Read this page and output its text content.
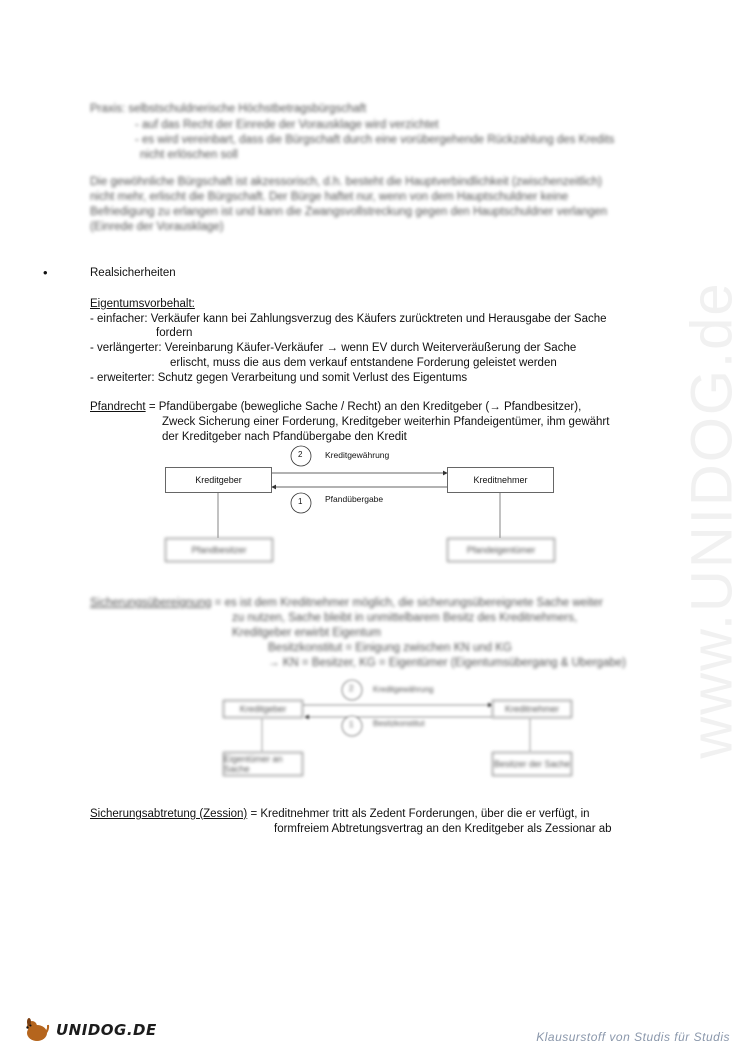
www.UNIDOG.de
Praxis: selbstschuldnerische Höchstbetragsbürgschaft
- auf das Recht der Einrede der Vorausklage wird verzichtet
- es wird vereinbart, dass die Bürgschaft durch eine vorübergehende Rückzahlung des Kredits
nicht erlöschen soll
Die gewöhnliche Bürgschaft ist akzessorisch, d.h. besteht die Hauptverbindlichkeit (zwischenzeitlich)
nicht mehr, erlischt die Bürgschaft. Der Bürge haftet nur, wenn von dem Hauptschuldner keine
Befriedigung zu erlangen ist und kann die Zwangsvollstreckung gegen den Hauptschuldner verlangen
(Einrede der Vorausklage)
•	Realsicherheiten
Eigentumsvorbehalt:
- einfacher: Verkäufer kann bei Zahlungsverzug des Käufers zurücktreten und Herausgabe der Sache
fordern
- verlängerter: Vereinbarung Käufer-Verkäufer → wenn EV durch Weiterveräußerung der Sache
erlischt, muss die aus dem verkauf entstandene Forderung geleistet werden
- erweiterter: Schutz gegen Verarbeitung und somit Verlust des Eigentums
Pfandrecht = Pfandübergabe (bewegliche Sache / Recht) an den Kreditgeber (→ Pfandbesitzer),
Zweck Sicherung einer Forderung, Kreditgeber weiterhin Pfandeigentümer, ihm gewährt
der Kreditgeber nach Pfandübergabe den Kredit
Kreditgeber	Kreditnehmer
2	Kreditgewährung
1	Pfandübergabe
Pfandbesitzer	Pfandeigentümer
Sicherungsübereignung = es ist dem Kreditnehmer möglich, die sicherungsübereignete Sache weiter
zu nutzen, Sache bleibt in unmittelbarem Besitz des Kreditnehmers,
Kreditgeber erwirbt Eigentum
Besitzkonstitut = Einigung zwischen KN und KG
→ KN = Besitzer, KG = Eigentümer (Eigentumsübergang & Übergabe)
Kreditgeber	Kreditnehmer
2 Kreditgewährung
1 Besitzkonstitut
Eigentümer an Sache	Besitzer der Sache
Sicherungsabtretung (Zession) = Kreditnehmer tritt als Zedent Forderungen, über die er verfügt, in
formfreiem Abtretungsvertrag an den Kreditgeber als Zessionar ab
UNIDOG.DE	Klausurstoff von Studis für Studis
